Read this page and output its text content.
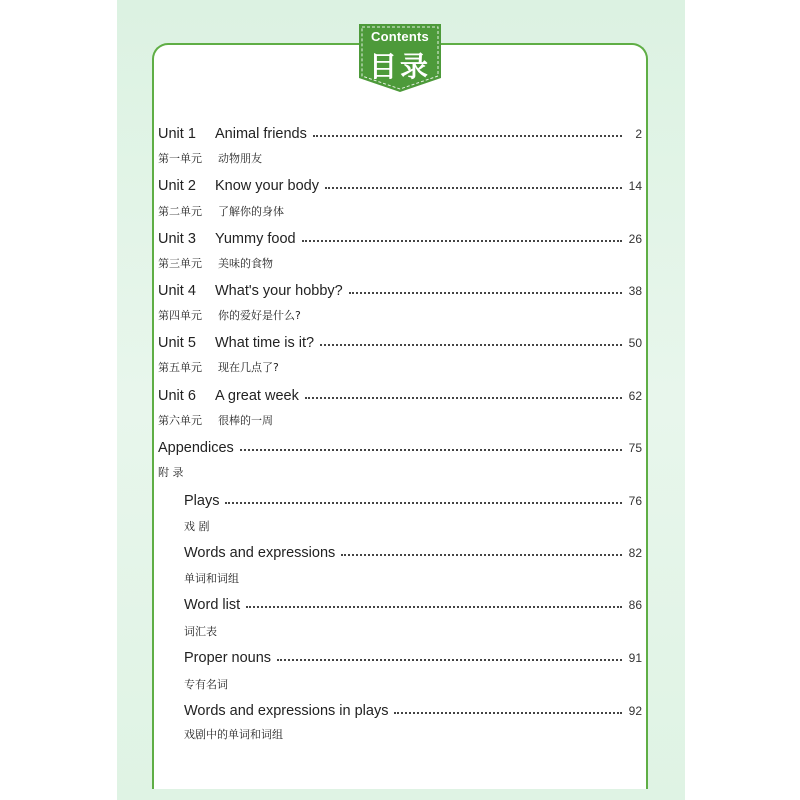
Contents
目录
Unit 1	Animal friends	2
第一单元	动物朋友
Unit 2	Know your body	14
第二单元	了解你的身体
Unit 3	Yummy food	26
第三单元	美味的食物
Unit 4	What's your hobby?	38
第四单元	你的爱好是什么?
Unit 5	What time is it?	50
第五单元	现在几点了?
Unit 6	A great week	62
第六单元	很棒的一周
Appendices	75
附 录
Plays	76
戏 剧
Words and expressions	82
单词和词组
Word list	86
词汇表
Proper nouns	91
专有名词
Words and expressions in plays	92
戏剧中的单词和词组
